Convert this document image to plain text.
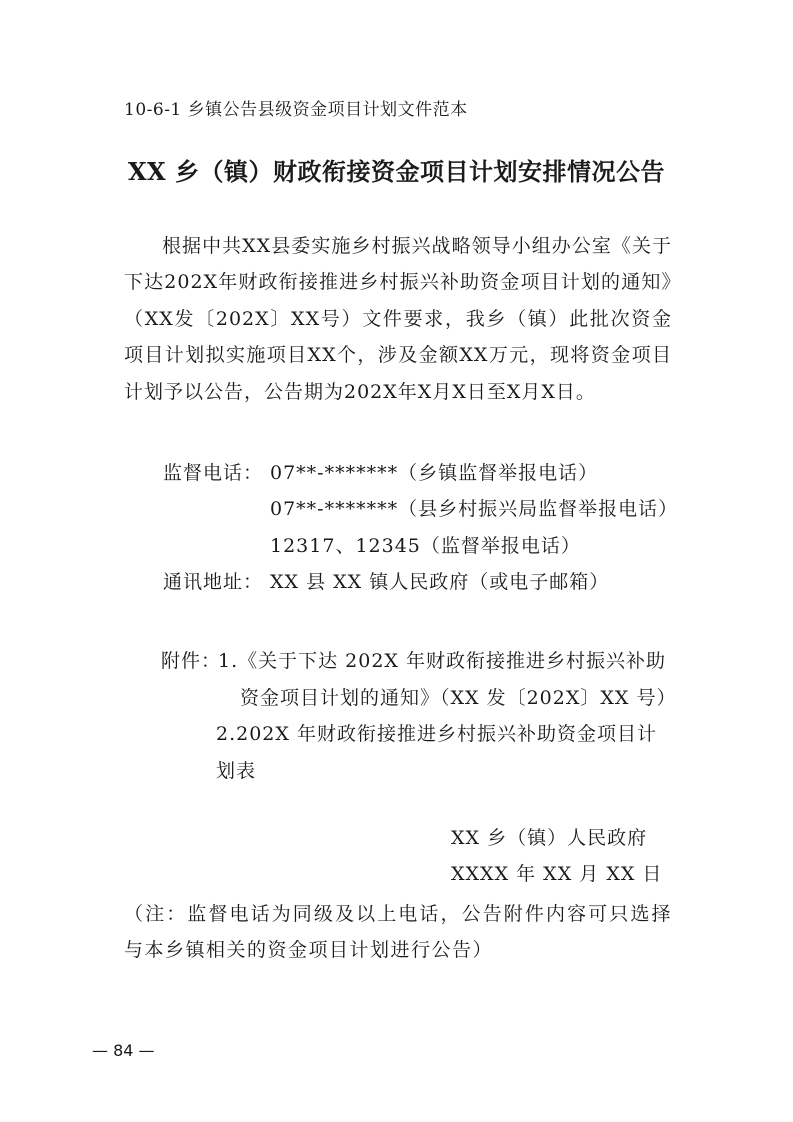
10-6-1 乡镇公告县级资金项目计划文件范本
XX 乡（镇）财政衔接资金项目计划安排情况公告

根据中共XX县委实施乡村振兴战略领导小组办公室《关于下达202X年财政衔接推进乡村振兴补助资金项目计划的通知》（XX发〔202X〕XX号）文件要求，我乡（镇）此批次资金项目计划拟实施项目XX个，涉及金额XX万元，现将资金项目计划予以公告，公告期为202X年X月X日至X月X日。

监督电话： 07**-*******（乡镇监督举报电话）
07**-*******（县乡村振兴局监督举报电话）
12317、12345（监督举报电话）
通讯地址： XX 县 XX 镇人民政府（或电子邮箱）
附件：
1.《关于下达 202X 年财政衔接推进乡村振兴补助
资金项目计划的通知》（XX 发〔202X〕XX 号）
2.202X 年财政衔接推进乡村振兴补助资金项目计
划表
XX 乡（镇）人民政府
XXXX 年 XX 月 XX 日

（注：监督电话为同级及以上电话，公告附件内容可只选择与本乡镇相关的资金项目计划进行公告）

— 84 —
